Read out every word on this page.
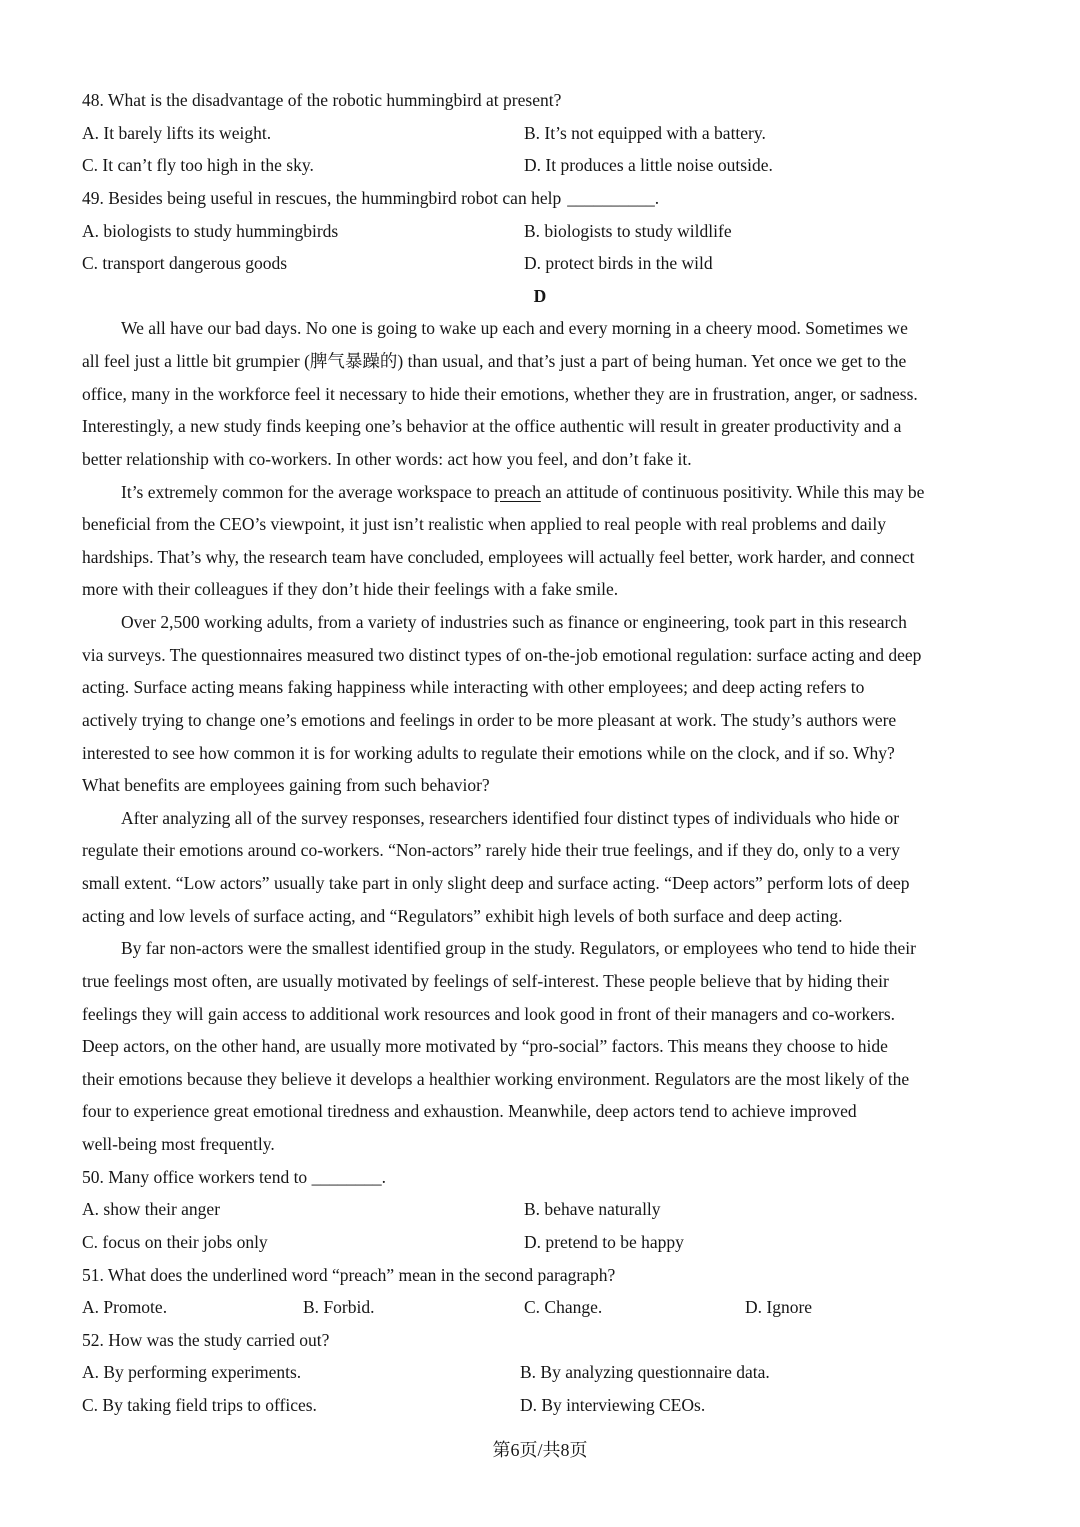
48. What is the disadvantage of the robotic hummingbird at present?
A. It barely lifts its weight.	B. It’s not equipped with a battery.
C. It can’t fly too high in the sky.	D. It produces a little noise outside.
49. Besides being useful in rescues, the hummingbird robot can help __________.
A. biologists to study hummingbirds	B. biologists to study wildlife
C. transport dangerous goods	D. protect birds in the wild
D
We all have our bad days. No one is going to wake up each and every morning in a cheery mood. Sometimes we
all feel just a little bit grumpier (脾气暴躁的) than usual, and that’s just a part of being human. Yet once we get to the
office, many in the workforce feel it necessary to hide their emotions, whether they are in frustration, anger, or sadness.
Interestingly, a new study finds keeping one’s behavior at the office authentic will result in greater productivity and a
better relationship with co-workers. In other words: act how you feel, and don’t fake it.
It’s extremely common for the average workspace to preach an attitude of continuous positivity. While this may be
beneficial from the CEO’s viewpoint, it just isn’t realistic when applied to real people with real problems and daily
hardships. That’s why, the research team have concluded, employees will actually feel better, work harder, and connect
more with their colleagues if they don’t hide their feelings with a fake smile.
Over 2,500 working adults, from a variety of industries such as finance or engineering, took part in this research
via surveys. The questionnaires measured two distinct types of on-the-job emotional regulation: surface acting and deep
acting. Surface acting means faking happiness while interacting with other employees; and deep acting refers to
actively trying to change one’s emotions and feelings in order to be more pleasant at work. The study’s authors were
interested to see how common it is for working adults to regulate their emotions while on the clock, and if so. Why?
What benefits are employees gaining from such behavior?
After analyzing all of the survey responses, researchers identified four distinct types of individuals who hide or
regulate their emotions around co-workers. “Non-actors” rarely hide their true feelings, and if they do, only to a very
small extent. “Low actors” usually take part in only slight deep and surface acting. “Deep actors” perform lots of deep
acting and low levels of surface acting, and “Regulators” exhibit high levels of both surface and deep acting.
By far non-actors were the smallest identified group in the study. Regulators, or employees who tend to hide their
true feelings most often, are usually motivated by feelings of self-interest. These people believe that by hiding their
feelings they will gain access to additional work resources and look good in front of their managers and co-workers.
Deep actors, on the other hand, are usually more motivated by “pro-social” factors. This means they choose to hide
their emotions because they believe it develops a healthier working environment. Regulators are the most likely of the
four to experience great emotional tiredness and exhaustion. Meanwhile, deep actors tend to achieve improved
well-being most frequently.
50. Many office workers tend to ________.
A. show their anger	B. behave naturally
C. focus on their jobs only	D. pretend to be happy
51. What does the underlined word “preach” mean in the second paragraph?
A. Promote.	B. Forbid.	C. Change.	D. Ignore
52. How was the study carried out?
A. By performing experiments.	B. By analyzing questionnaire data.
C. By taking field trips to offices.	D. By interviewing CEOs.
第6页/共8页
